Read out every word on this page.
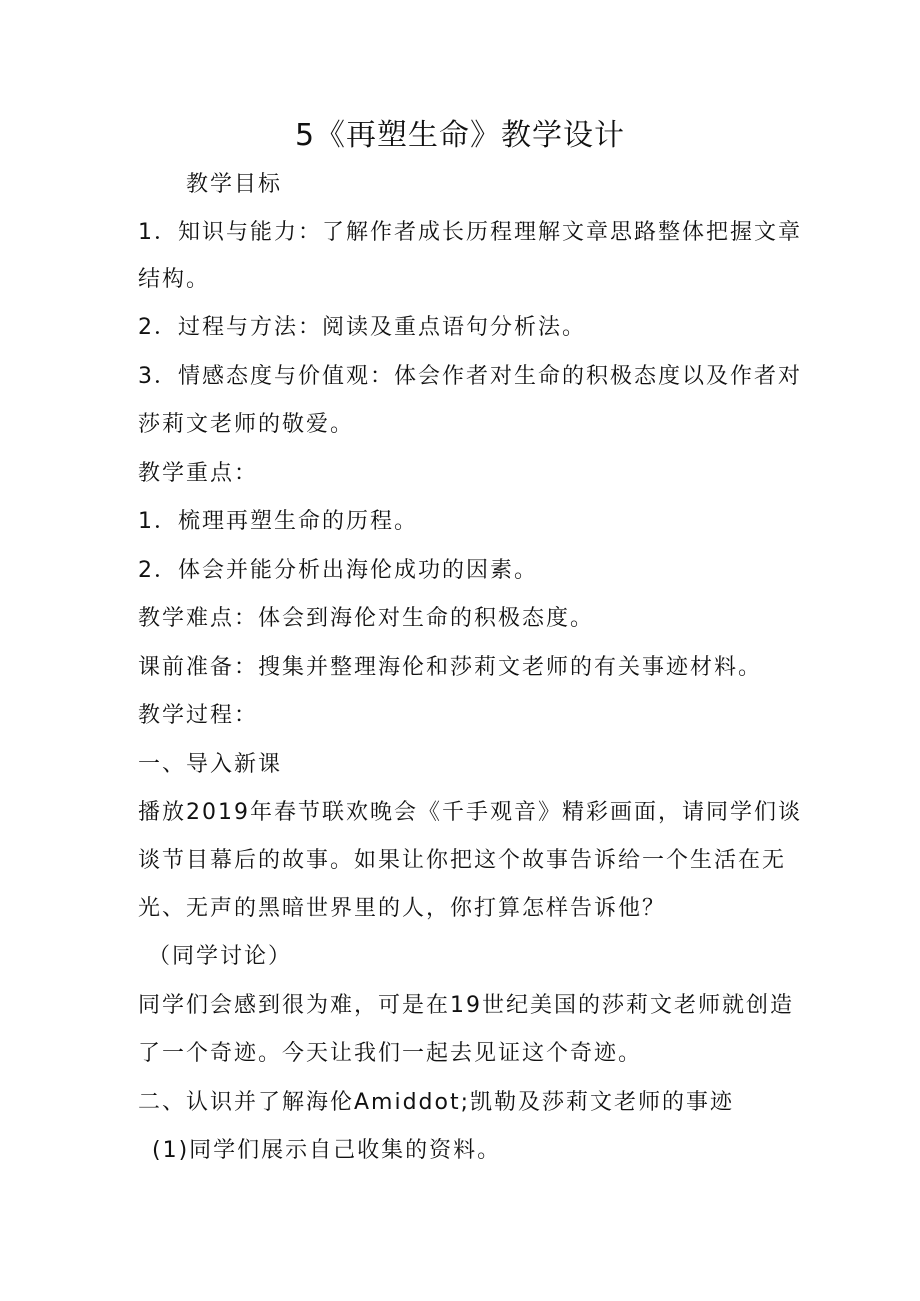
5《再塑生命》教学设计
教学目标
1．知识与能力：了解作者成长历程理解文章思路整体把握文章
结构。
2．过程与方法：阅读及重点语句分析法。
3．情感态度与价值观：体会作者对生命的积极态度以及作者对
莎莉文老师的敬爱。
教学重点：
1．梳理再塑生命的历程。
2．体会并能分析出海伦成功的因素。
教学难点：体会到海伦对生命的积极态度。
课前准备：搜集并整理海伦和莎莉文老师的有关事迹材料。
教学过程：
一、导入新课
播放2019年春节联欢晚会《千手观音》精彩画面，请同学们谈
谈节目幕后的故事。如果让你把这个故事告诉给一个生活在无
光、无声的黑暗世界里的人，你打算怎样告诉他？
（同学讨论）
同学们会感到很为难，可是在19世纪美国的莎莉文老师就创造
了一个奇迹。今天让我们一起去见证这个奇迹。
二、认识并了解海伦Amiddot;凯勒及莎莉文老师的事迹
(1)同学们展示自己收集的资料。
